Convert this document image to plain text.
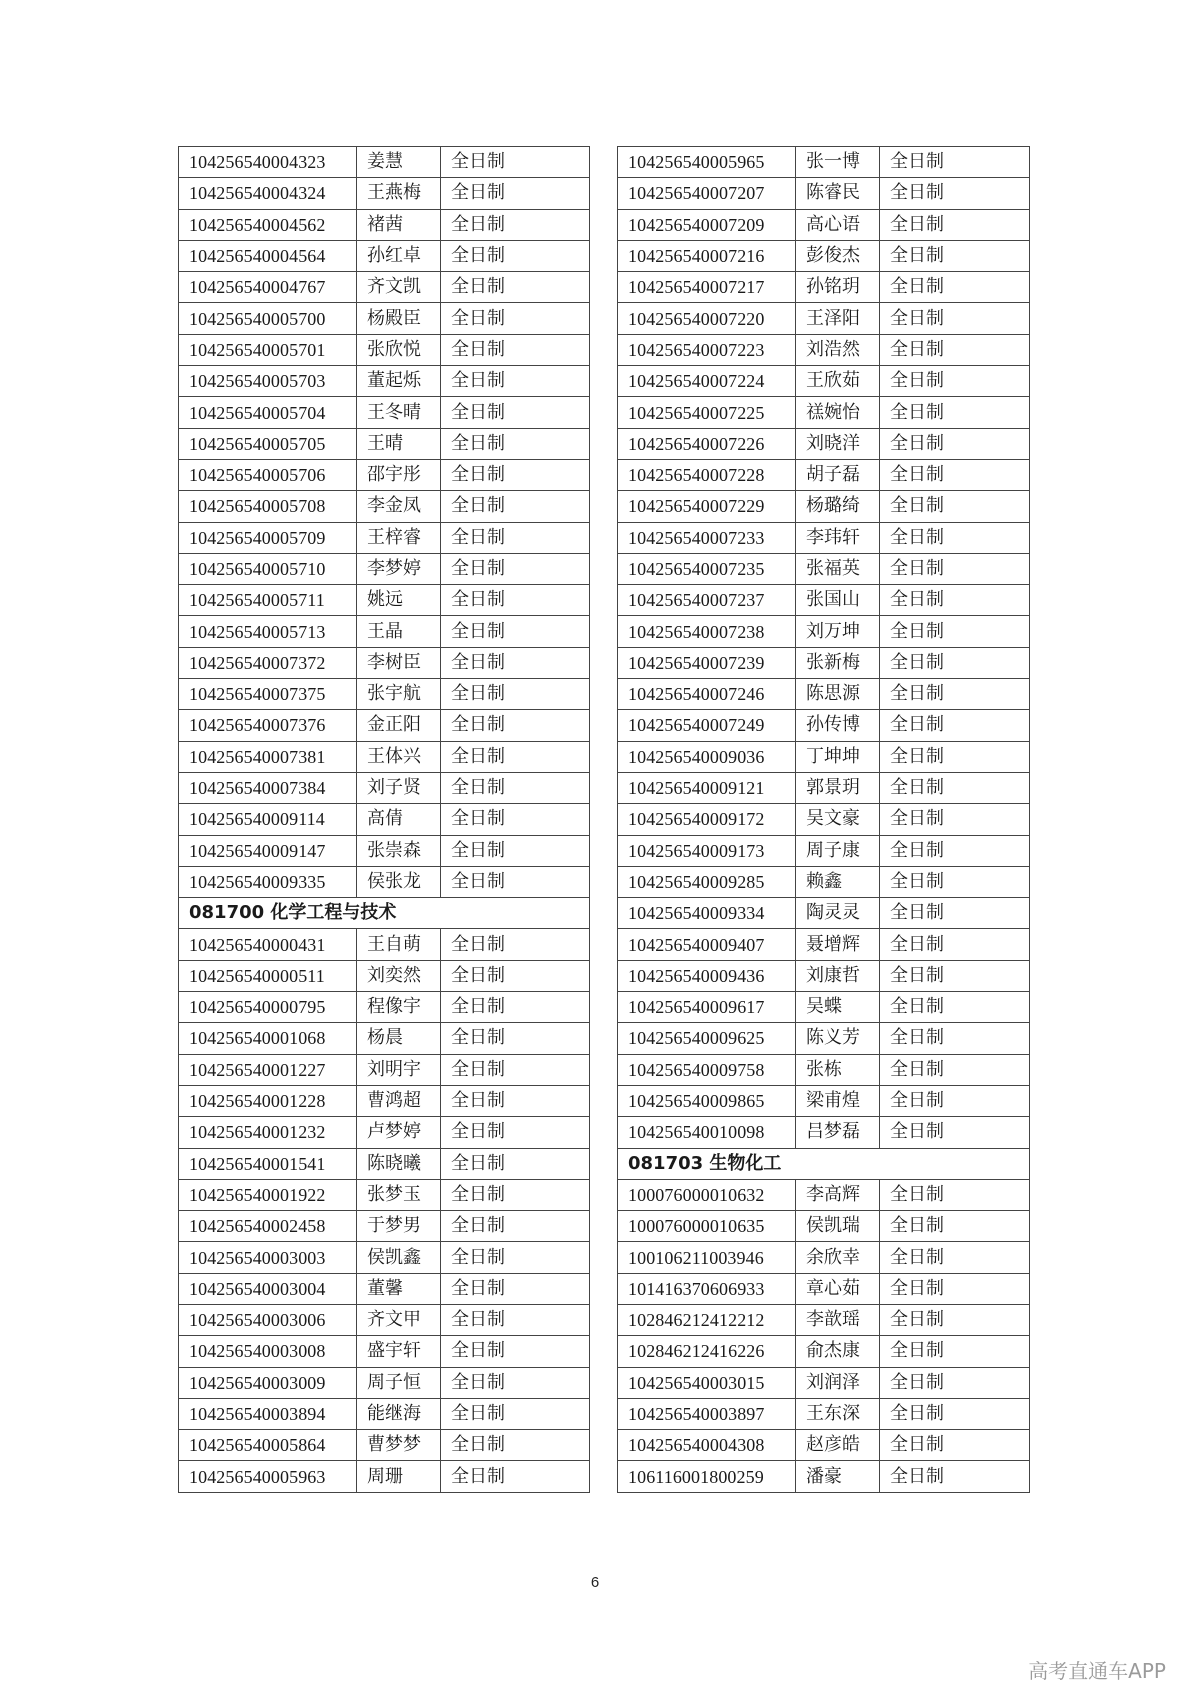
104256540004323	姜慧	全日制
104256540004324	王燕梅	全日制
104256540004562	褚茜	全日制
104256540004564	孙红卓	全日制
104256540004767	齐文凯	全日制
104256540005700	杨殿臣	全日制
104256540005701	张欣悦	全日制
104256540005703	董起烁	全日制
104256540005704	王冬晴	全日制
104256540005705	王晴	全日制
104256540005706	邵宇彤	全日制
104256540005708	李金凤	全日制
104256540005709	王梓睿	全日制
104256540005710	李梦婷	全日制
104256540005711	姚远	全日制
104256540005713	王晶	全日制
104256540007372	李树臣	全日制
104256540007375	张宇航	全日制
104256540007376	金正阳	全日制
104256540007381	王体兴	全日制
104256540007384	刘子贤	全日制
104256540009114	高倩	全日制
104256540009147	张崇森	全日制
104256540009335	侯张龙	全日制
081700 化学工程与技术		
104256540000431	王自萌	全日制
104256540000511	刘奕然	全日制
104256540000795	程像宇	全日制
104256540001068	杨晨	全日制
104256540001227	刘明宇	全日制
104256540001228	曹鸿超	全日制
104256540001232	卢梦婷	全日制
104256540001541	陈晓曦	全日制
104256540001922	张梦玉	全日制
104256540002458	于梦男	全日制
104256540003003	侯凯鑫	全日制
104256540003004	董馨	全日制
104256540003006	齐文甲	全日制
104256540003008	盛宇轩	全日制
104256540003009	周子恒	全日制
104256540003894	能继海	全日制
104256540005864	曹梦梦	全日制
104256540005963	周珊	全日制
104256540005965	张一博	全日制
104256540007207	陈睿民	全日制
104256540007209	高心语	全日制
104256540007216	彭俊杰	全日制
104256540007217	孙铭玥	全日制
104256540007220	王泽阳	全日制
104256540007223	刘浩然	全日制
104256540007224	王欣茹	全日制
104256540007225	禚婉怡	全日制
104256540007226	刘晓洋	全日制
104256540007228	胡子磊	全日制
104256540007229	杨璐绮	全日制
104256540007233	李玮轩	全日制
104256540007235	张福英	全日制
104256540007237	张国山	全日制
104256540007238	刘万坤	全日制
104256540007239	张新梅	全日制
104256540007246	陈思源	全日制
104256540007249	孙传博	全日制
104256540009036	丁坤坤	全日制
104256540009121	郭景玥	全日制
104256540009172	吴文豪	全日制
104256540009173	周子康	全日制
104256540009285	赖鑫	全日制
104256540009334	陶灵灵	全日制
104256540009407	聂增辉	全日制
104256540009436	刘康哲	全日制
104256540009617	吴蝶	全日制
104256540009625	陈义芳	全日制
104256540009758	张栋	全日制
104256540009865	梁甫煌	全日制
104256540010098	吕梦磊	全日制
081703 生物化工		
100076000010632	李高辉	全日制
100076000010635	侯凯瑞	全日制
100106211003946	余欣幸	全日制
101416370606933	章心茹	全日制
102846212412212	李歆瑶	全日制
102846212416226	俞杰康	全日制
104256540003015	刘润泽	全日制
104256540003897	王东深	全日制
104256540004308	赵彦皓	全日制
106116001800259	潘豪	全日制
6
高考直通车APP
